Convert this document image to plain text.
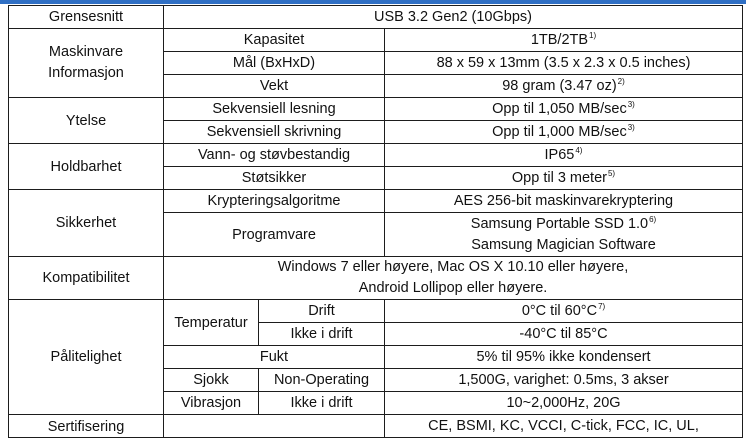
Grensesnitt	USB 3.2 Gen2 (10Gbps)		
Maskinvare
Informasjon	Kapasitet		1TB/2TB$^{1)}$
	Mål (BxHxD)		88 x 59 x 13mm (3.5 x 2.3 x 0.5 inches)
	Vekt		98 gram (3.47 oz)$^{2)}$
Ytelse	Sekvensiell lesning		Opp til 1,050 $MB/\sec^{3)}$
	Sekvensiell skrivning		Opp til 1,000 $MB/\sec^{3)}$
Holdbarhet	Vann- og støvbestandig		IP65$^{4)}$
	Støtsikker		Opp til 3 meter$^{5)}$
Sikkerhet	Krypteringsalgoritme		AES 256-bit maskinvarekryptering
	Programvare		Samsung Portable SSD 1.0$^{6)}$
Samsung Magician Software
Kompatibilitet	Windows 7 eller høyere, Mac OS X 10.10 eller høyere,
Android Lollipop eller høyere.		
Pålitelighet	Temperatur	Drift	0°C til $60^\circ C^{7)}$
		Ikke i drift	-40°C til 85°C
	Fukt		5% til 95% ikke kondensert
	Sjokk	Non-Operating	1,500G, varighet: 0.5ms, 3 akser
	Vibrasjon	Ikke i drift	10~2,000Hz, 20G
Sertifisering			CE, BSMI, KC, VCCI, C-tick, FCC, IC, UL,
